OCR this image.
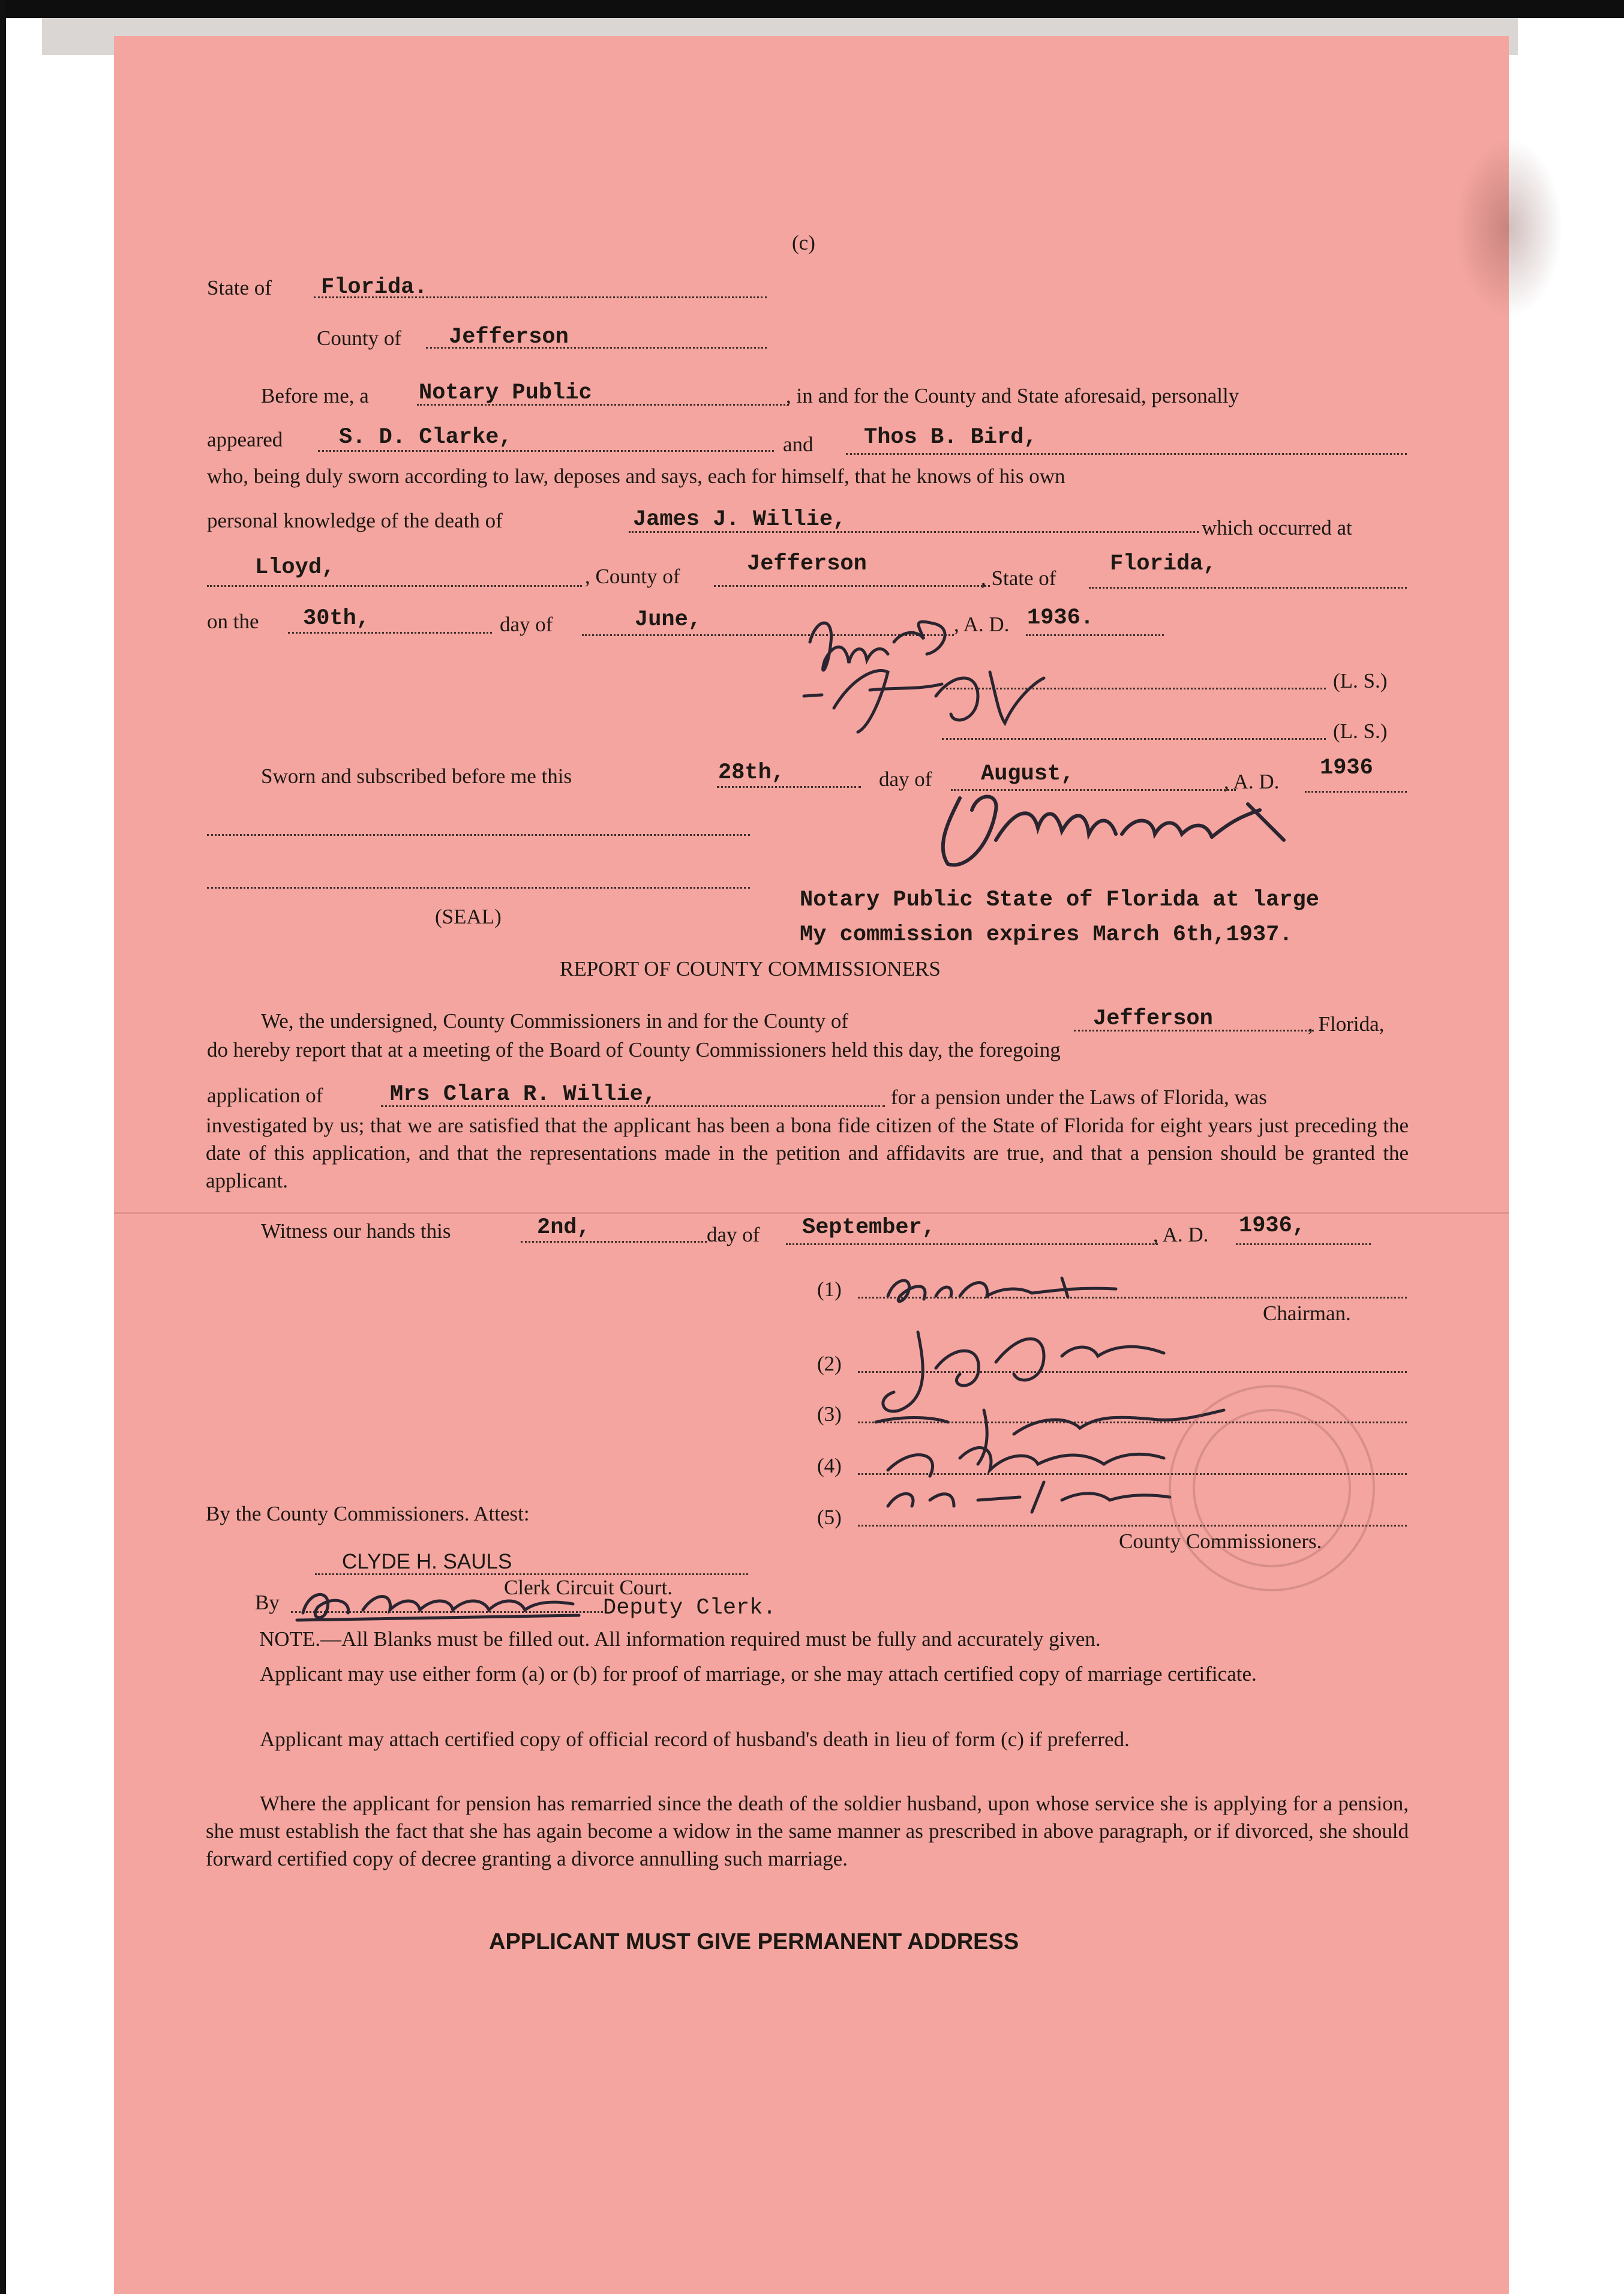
(c)
State of Florida.
County of Jefferson
Before me, a Notary Public	, in and for the County and State aforesaid, personally
appeared	S. D. Clarke,	and Thos B. Bird,
who, being duly sworn according to law, deposes and says, each for himself, that he knows of his own
personal knowledge of the death of	James J. Willie,	which occurred at
Lloyd,	, County of	Jefferson
, State of
Florida,
on the 30th,	day of	June,	, A. D. 1936.
(L. S.)
(L. S.)
Sworn and subscribed before me this	28th,	day of August,	, A. D.
1936
(SEAL)
Notary Public State of Florida at large
My commission expires March 6th,1937.
REPORT OF COUNTY COMMISSIONERS
We, the undersigned, County Commissioners in and for the County of	Jefferson	, Florida,
do hereby report that at a meeting of the Board of County Commissioners held this day, the foregoing
application of	Mrs Clara R. Willie,	for a pension under the Laws of Florida, was
investigated by us; that we are satisfied that the applicant has been a bona fide citizen of the State of Florida for eight years just preceding the date of this application, and that the representations made in the petition and affidavits are true, and that a pension should be granted the applicant.
Witness our hands this	2nd,	day of September,	, A. D. 1936,
(1)
Chairman.
(2)
(3)
(4)
(5)
County Commissioners.
By the County Commissioners. Attest:
CLYDE H. SAULS
Clerk Circuit Court.
By	Deputy Clerk.
NOTE.—All Blanks must be filled out. All information required must be fully and accurately given.
Applicant may use either form (a) or (b) for proof of marriage, or she may attach certified copy of marriage certificate.
Applicant may attach certified copy of official record of husband's death in lieu of form (c) if preferred.
Where the applicant for pension has remarried since the death of the soldier husband, upon whose service she is applying for a pension, she must establish the fact that she has again become a widow in the same manner as prescribed in above paragraph, or if divorced, she should forward certified copy of decree granting a divorce annulling such marriage.
APPLICANT MUST GIVE PERMANENT ADDRESS
